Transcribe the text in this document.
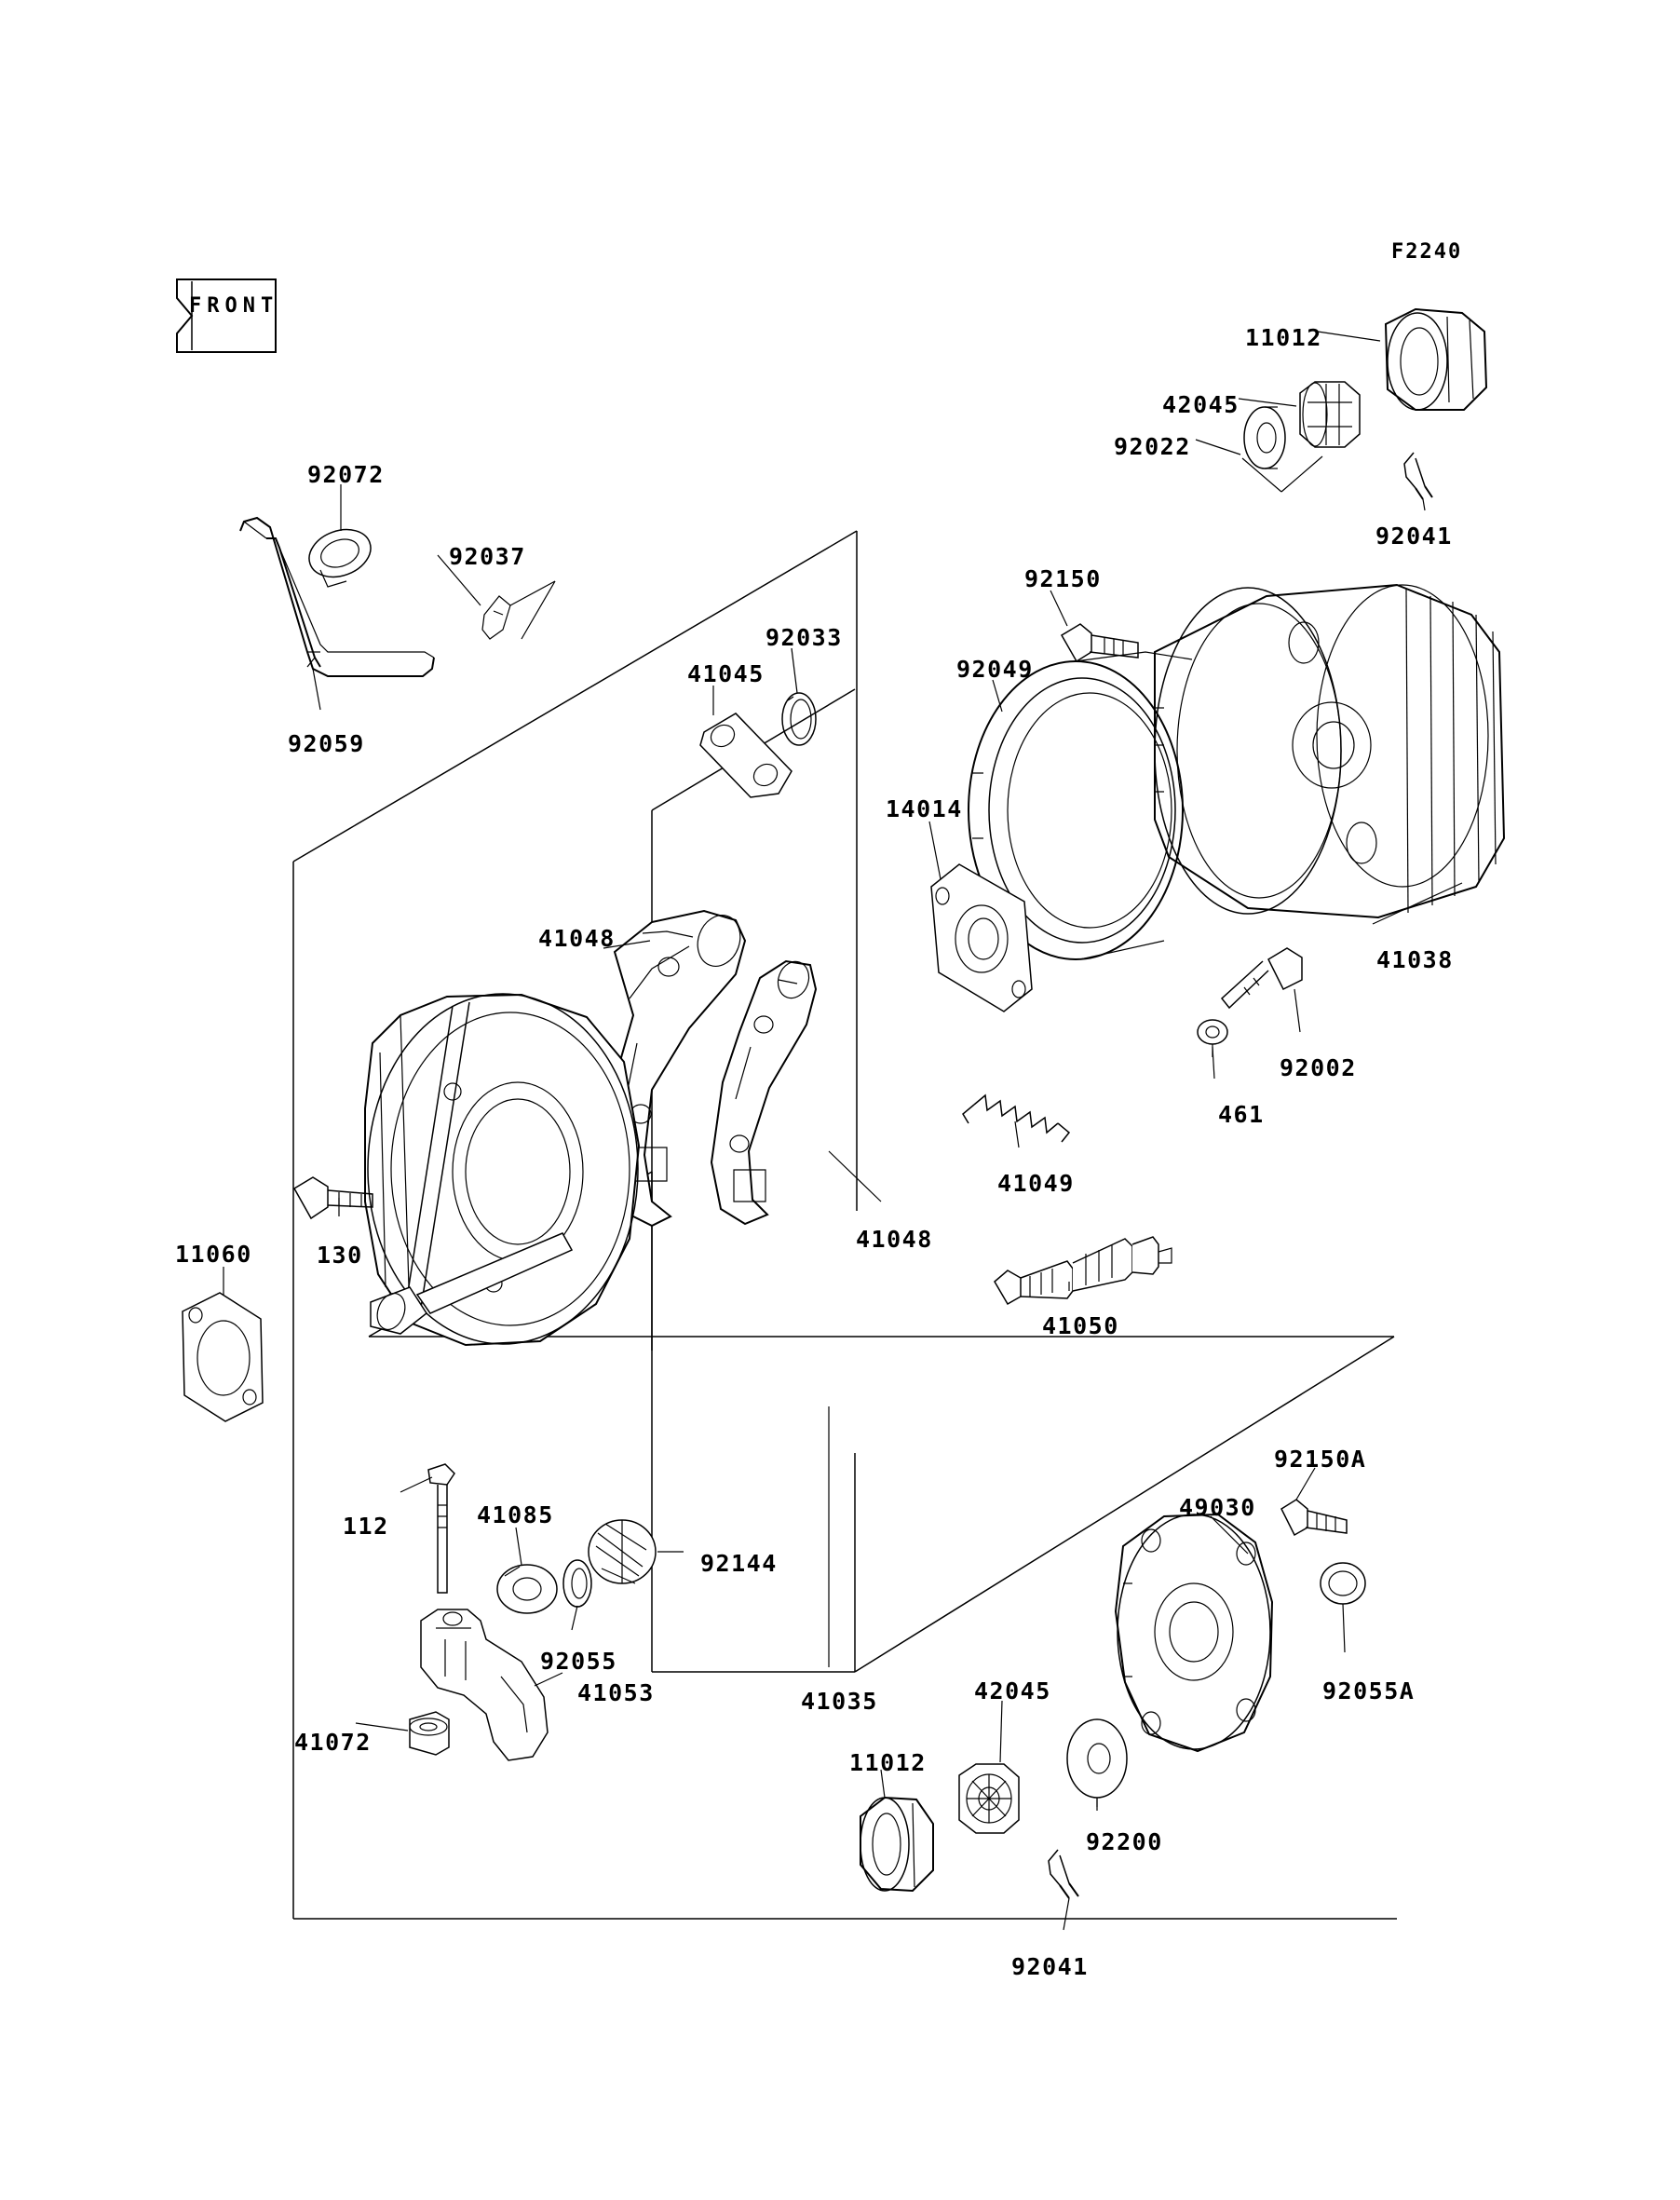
F2240
FRONT
11012
42045
92022
92041
92072
92037
92059
41045
92033
92150
92049
14014
41038
92002
461
41048
41048
41049
41050
130
11060
112	41085
92144
92055
41053
41072
41035
11012
42045
92200
92041
49030
92150A
92055A
